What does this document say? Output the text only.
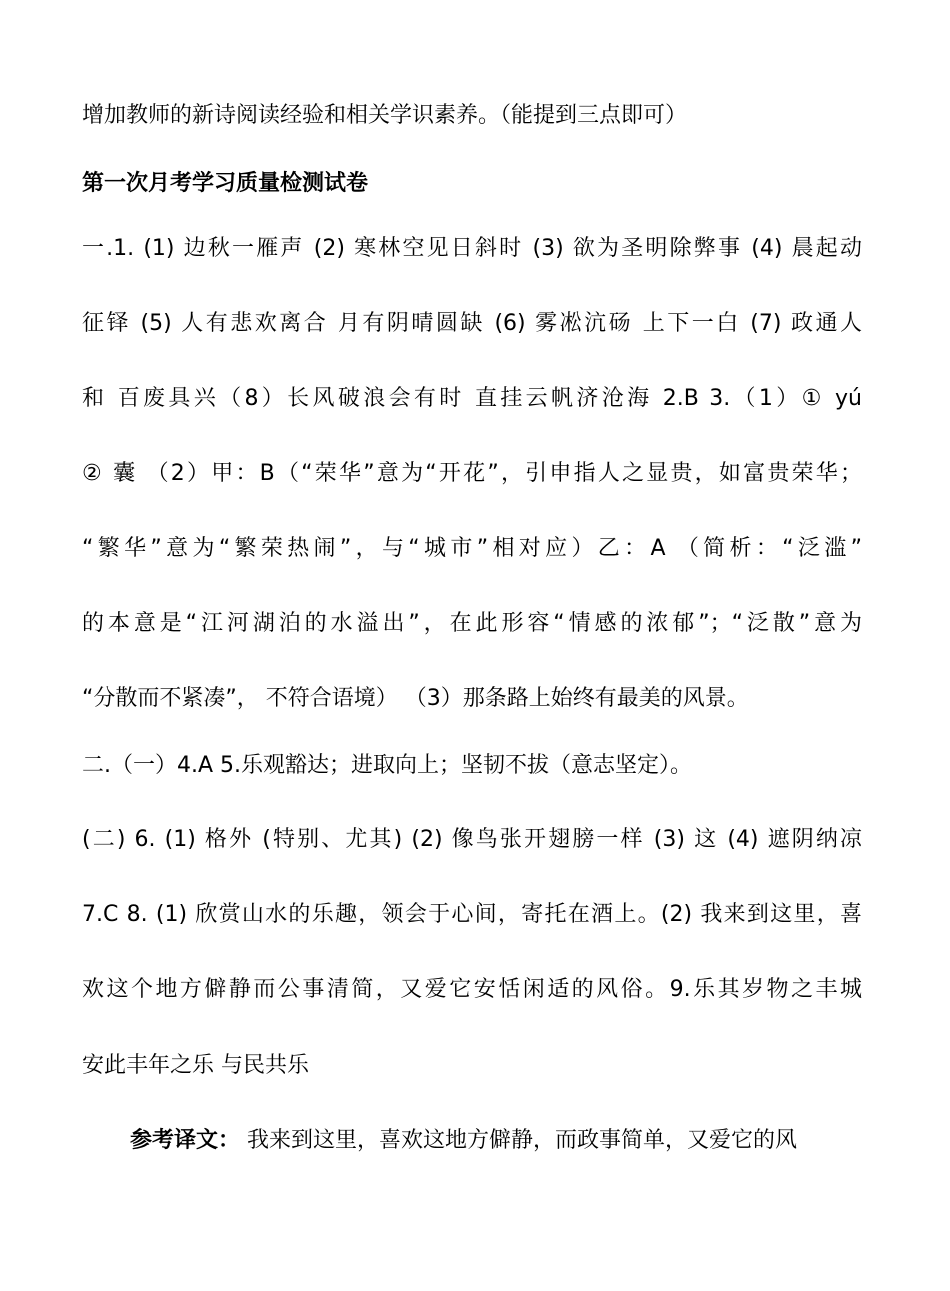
增加教师的新诗阅读经验和相关学识素养。（能提到三点即可）
第一次月考学习质量检测试卷
一.1. (1) 边秋一雁声 (2) 寒林空见日斜时 (3) 欲为圣明除弊事 (4) 晨起动
征铎 (5) 人有悲欢离合 月有阴晴圆缺 (6) 雾凇沆砀 上下一白 (7) 政通人
和 百废具兴（8）长风破浪会有时 直挂云帆济沧海 2.B 3.（1）① yú
② 囊 （2）甲：B（“荣华”意为“开花”，引申指人之显贵，如富贵荣华；
“繁华”意为“繁荣热闹”，与“城市”相对应）乙：A （简析：“泛滥”
的本意是“江河湖泊的水溢出”，在此形容“情感的浓郁”；“泛散”意为
“分散而不紧凑”， 不符合语境） （3）那条路上始终有最美的风景。
二.（一）4.A 5.乐观豁达；进取向上；坚韧不拔（意志坚定）。
(二) 6. (1) 格外 (特别、尤其) (2) 像鸟张开翅膀一样 (3) 这 (4) 遮阴纳凉
7.C 8. (1) 欣赏山水的乐趣，领会于心间，寄托在酒上。(2) 我来到这里，喜
欢这个地方僻静而公事清简，又爱它安恬闲适的风俗。9.乐其岁物之丰城
安此丰年之乐 与民共乐
参考译文： 我来到这里，喜欢这地方僻静，而政事简单，又爱它的风
